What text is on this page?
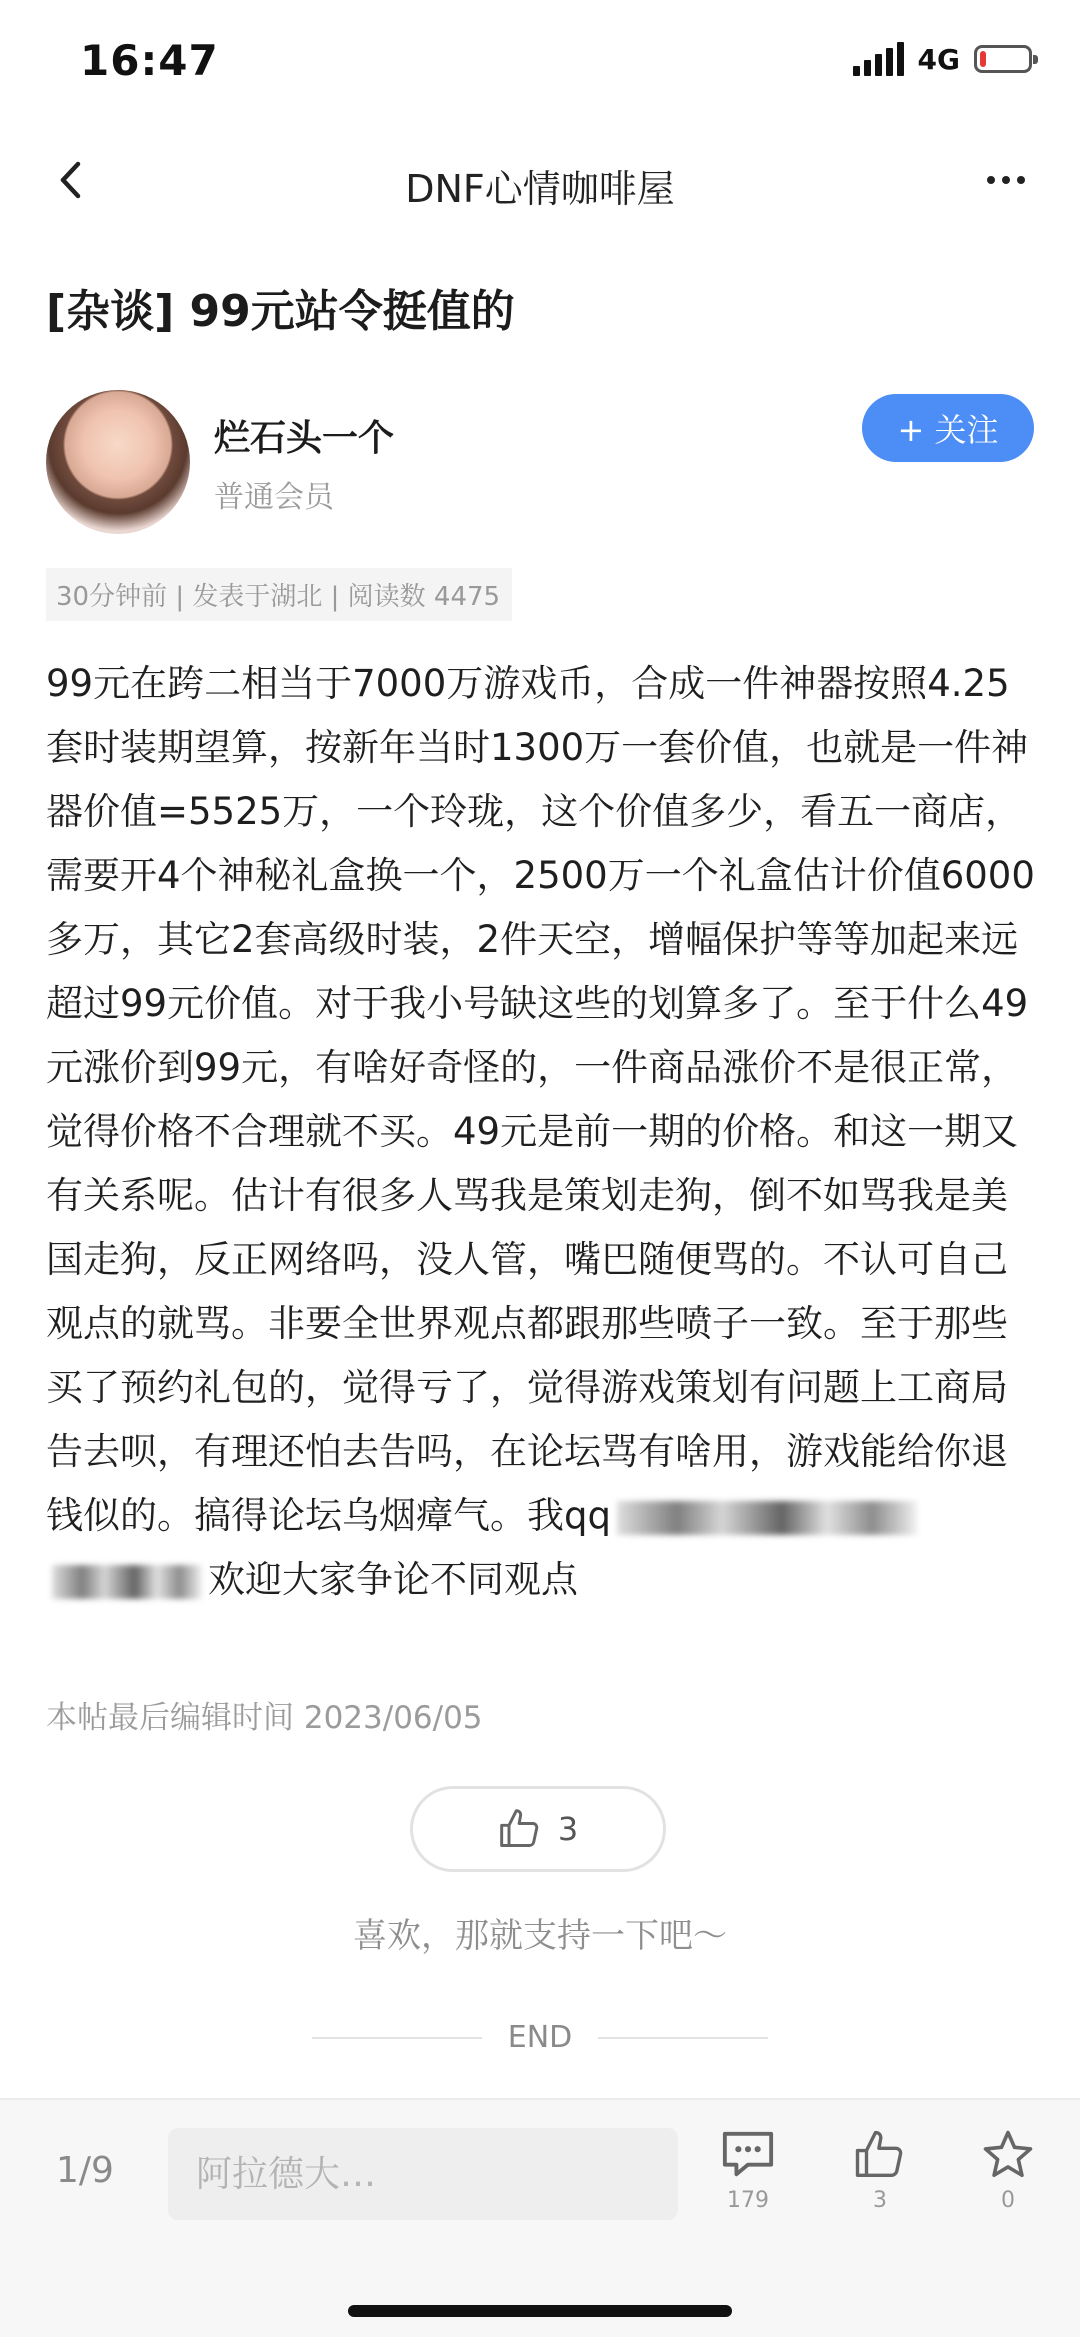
16:47	4G
DNF心情咖啡屋
[杂谈] 99元站令挺值的
烂石头一个
普通会员
+ 关注
30分钟前 | 发表于湖北 | 阅读数 4475
99元在跨二相当于7000万游戏币，合成一件神器按照4.25套时装期望算，按新年当时1300万一套价值，也就是一件神器价值=5525万，一个玲珑，这个价值多少，看五一商店，需要开4个神秘礼盒换一个，2500万一个礼盒估计价值6000多万，其它2套高级时装，2件天空，增幅保护等等加起来远超过99元价值。对于我小号缺这些的划算多了。至于什么49元涨价到99元，有啥好奇怪的，一件商品涨价不是很正常，觉得价格不合理就不买。49元是前一期的价格。和这一期又有关系呢。估计有很多人骂我是策划走狗，倒不如骂我是美国走狗，反正网络吗，没人管，嘴巴随便骂的。不认可自己观点的就骂。非要全世界观点都跟那些喷子一致。至于那些买了预约礼包的，觉得亏了，觉得游戏策划有问题上工商局告去呗，有理还怕去告吗，在论坛骂有啥用，游戏能给你退钱似的。搞得论坛乌烟瘴气。我qq欢迎大家争论不同观点
本帖最后编辑时间 2023/06/05
3
喜欢，那就支持一下吧～
END
1/9
阿拉德大…
179	3	0
